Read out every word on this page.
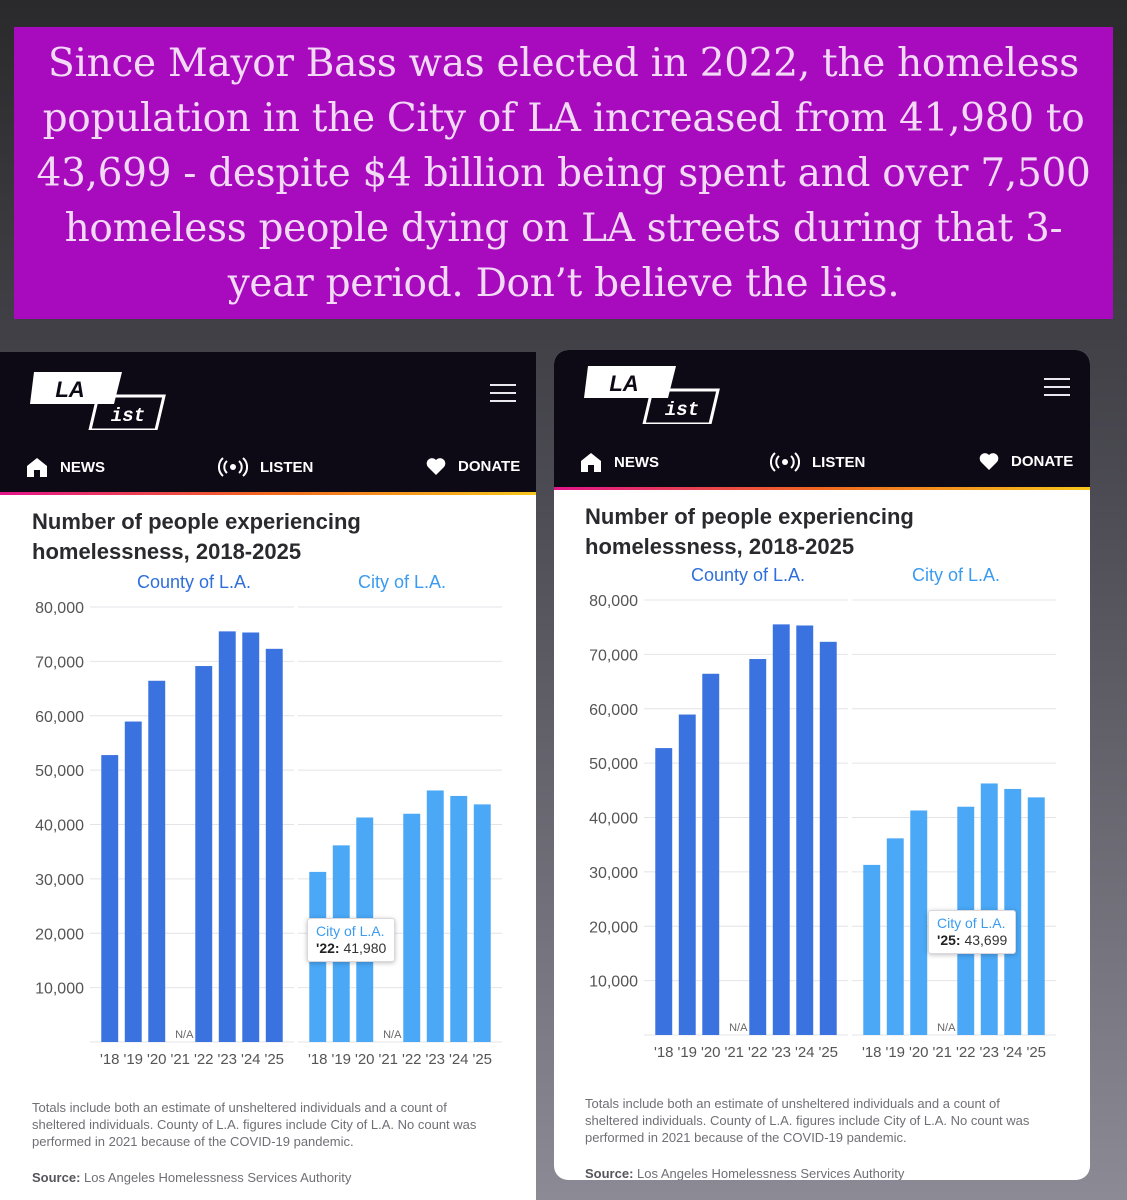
Since Mayor Bass was elected in 2022, the homeless population in the City of LA increased from 41,980 to 43,699 - despite $4 billion being spent and over 7,500 homeless people dying on LA streets during that 3-year period. Don’t believe the lies.

LA
ist
NEWS	LISTEN	DONATE
Number of people experiencing homelessness, 2018-2025
10,000
20,000
30,000
40,000
50,000
60,000
70,000
80,000
County of L.A.
'18 '19 '20
N/A
'21 '22 '23 '24 '25
City of L.A.
'18 '19 '20
N/A
'21 '22 '23 '24 '25
City of L.A.
'22: 41,980
Totals include both an estimate of unsheltered individuals and a count of sheltered individuals. County of L.A. figures include City of L.A. No count was performed in 2021 because of the COVID-19 pandemic.
Source: Los Angeles Homelessness Services Authority
LA
ist
NEWS	LISTEN	DONATE
Number of people experiencing homelessness, 2018-2025
10,000
20,000
30,000
40,000
50,000
60,000
70,000
80,000
County of L.A.
'18 '19 '20
N/A
'21 '22 '23 '24 '25
City of L.A.
'18 '19 '20
N/A
'21 '22 '23 '24 '25
City of L.A.
'25: 43,699
Totals include both an estimate of unsheltered individuals and a count of sheltered individuals. County of L.A. figures include City of L.A. No count was performed in 2021 because of the COVID-19 pandemic.
Source: Los Angeles Homelessness Services Authority
